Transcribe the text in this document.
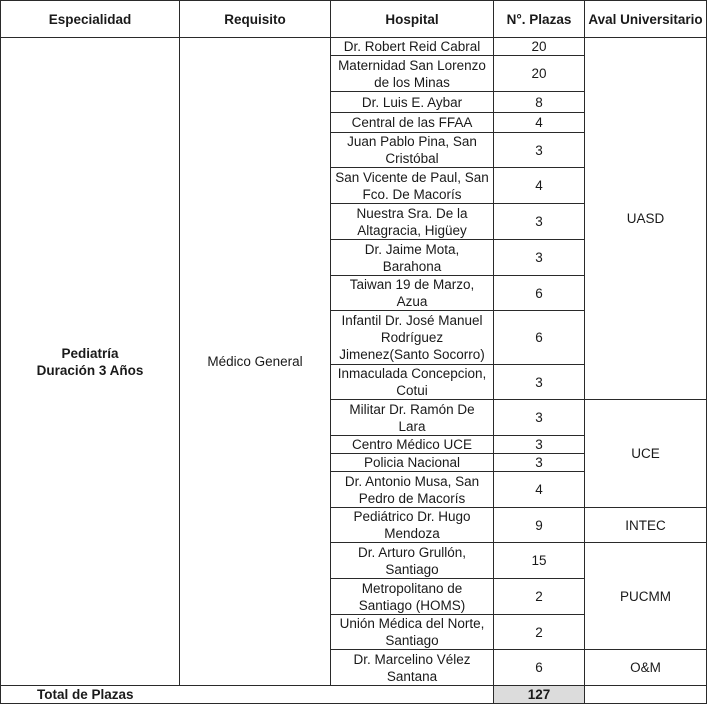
Especialidad	Requisito	Hospital	N°. Plazas	Aval Universitario

Pediatría
Duración 3 Años	Médico General	Dr. Robert Reid Cabral	20	UASD
		Maternidad San Lorenzo de los Minas	20	
		Dr. Luis E. Aybar	8	
		Central de las FFAA	4	
		Juan Pablo Pina, San Cristóbal	3	
		San Vicente de Paul, San Fco. De Macorís	4	
		Nuestra Sra. De la Altagracia, Higüey	3	
		Dr. Jaime Mota, Barahona	3	
		Taiwan 19 de Marzo, Azua	6	
		Infantil Dr. José Manuel Rodríguez Jimenez(Santo Socorro)	6	
		Inmaculada Concepcion, Cotui	3	
		Militar Dr. Ramón De Lara	3	UCE
		Centro Médico UCE	3	
		Policia Nacional	3	
		Dr. Antonio Musa, San Pedro de Macorís	4	
		Pediátrico Dr. Hugo Mendoza	9	INTEC
		Dr. Arturo Grullón, Santiago	15	PUCMM
		Metropolitano de Santiago (HOMS)	2	
		Unión Médica del Norte, Santiago	2	
		Dr. Marcelino Vélez Santana	6	O&M
Total de Plazas			127	
